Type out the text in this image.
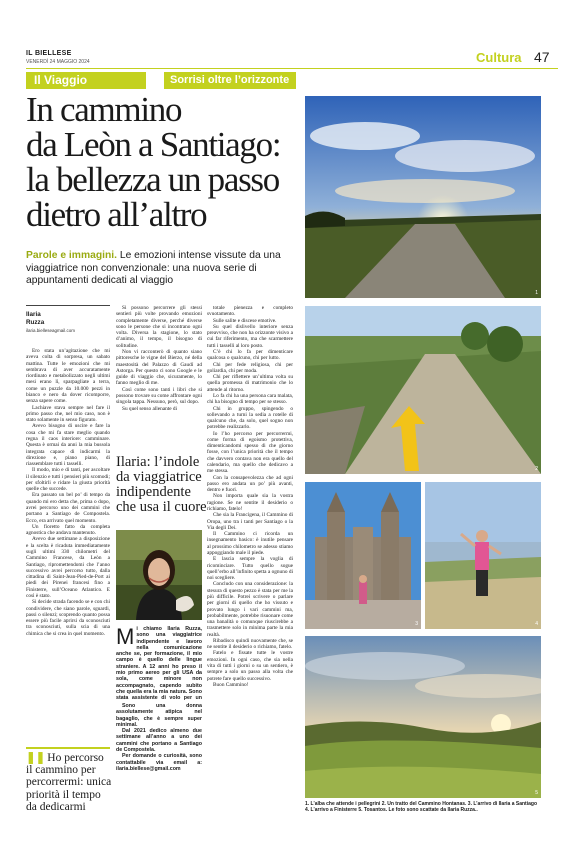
IL BIELLESE
VENERDÌ 24 MAGGIO 2024	Cultura 47
Il Viaggio	Sorrisi oltre l’orizzonte
In cammino
da Leòn a Santiago:
la bellezza un passo
dietro all’altro
Parole e immagini. Le emozioni intense vissute da una viaggiatrice non convenzionale: una nuova serie di appuntamenti dedicati al viaggio
Ilaria
Ruzza
ilaria.bielleseagmail.com

Ero stata un’agitazione che mi aveva colta di sorpresa, un sabato mattina. Tutte le emozioni che mi sembrava di aver accuratamente riordinato e metabolizzato negli ultimi mesi erano lì, sparpagliate a terra, come un puzzle da 10.000 pezzi in bianco e nero da dover ricomporre, senza sapere come.

Lachiave stava sempre nel fare il primo passo che, nel mio caso, non è stato solamente in senso figurato.

Avevo bisogno di uscire e fare la cosa che mi fa stare meglio quando regna il caos interiore: camminare. Questa è ormai da anni la mia bussola integrata capace di indicarmi la direzione e, piano piano, di riassemblare tutti i tasselli.

Il modo, mio e di tanti, per ascoltare il silenzio e tutti i pensieri più scomodi; per sfoltirli e ridare la giusta priorità quelle che succede.

Era passato un bel po’ di tempo da quando mi ero detta che, prima o dopo, avrei percorso uno dei cammini che portano a Santiago de Compostela. Ecco, era arrivato quel momento.

Un fioretto fatto da completa agnostica che andava mantenuto.

Avevo due settimane a disposizione e la scelta è ricaduta immediatamente sugli ultimi 330 chilometri del Cammino Francese, da Leòn a Santiago, ripromettendomi che l’anno successivo avrei percorso tutto, dalla cittadina di Saint-Jean-Pied-de-Port ai piedi dei Pirenei francesi fino a Finisterre, sull’Oceano Atlantico. E così è stato.

Si decide strada facendo se e con chi condividere, che siano parole, sguardi, passi o silenzi; scoprendo quanto possa essere più facile aprirsi da sconosciuti tra sconosciuti, sulla scia di una chimica che si crea in quel momento.

❚❚ Ho percorso il cammino per percorrermi: unica priorità il tempo da dedicarmi

Si possono percorrere gli stessi sentieri più volte provando emozioni completamente diverse, perché diverse sono le persone che si incontrano ogni volta. Diversa la stagione, lo stato d’animo, il tempo, il bisogno di solitudine.

Non vi racconterò di quanto siano pittoresche le vigne del Bierzo, né della maestosità del Palazzo di Gaudí ad Astorga. Per questo ci sono Google e le guide di viaggio che, sicuramente, lo fanno meglio di me.

Così come sono tanti i libri che si possono trovare su come affrontare ogni singola tappa. Nessuno, però, sul dopo.

Su quel senso allenante di

Ilaria: l’indole da viaggiatrice indipendente che usa il cuore
Mi chiamo Ilaria Ruzza, sono una viaggiatrice indipendente e lavoro nella comunicazione anche se, per formazione, il mio campo è quello delle lingue straniere. A 12 anni ho preso il mio primo aereo per gli USA da sola, come minore non accompagnato, capendo subito che quella era la mia natura. Sono stata assistente di volo per un

Sono una donna assolutamente atipica nel bagaglio, che è sempre super minimal.

Dal 2021 dedico almeno due settimane all’anno a uno dei cammini che portano a Santiago de Compostela.

Per domande o curiosità, sono contattabile via email a: ilaria.biellese@gmail.com

totale pienezza e completo svuotamento.

Sulle salite e discese emotive.

Su quel dislivello interiore senza preavviso, che non ha orizzonte visivo a cui far riferimento, ma che scarmettere tutti i tasselli al loro posto.

C’è chi lo fa per dimenticare qualcosa o qualcuno, chi per lutto.

Chi per fede religiosa, chi per goliardia, chi per moda.

Chi per riflettere un’ultima volta su quella promessa di matrimonio che lo attende al ritorno.

Lo fa chi ha una persona cara malata, chi ha bisogno di tempo per se stesso.

Chi in gruppo, spingendo o sollevando a turni la sedia a rotelle di qualcuno che, da solo, quel sogno non potrebbe realizzarlo.

Io l’ho percorso per percorrermi, come forma di egoismo protettiva, dimenticandomi spesso di che giorno fosse, con l’unica priorità che il tempo che davvero contava non era quello del calendario, ma quello che dedicavo a me stessa.

Con la consapevolezza che ad ogni passo ero andata un po’ più avanti, dentro e fuori.

Non importa quale sia la vostra ragione. Se ne sentite il desiderio o richiamo, fatelo!

Che sia la Francigena, il Cammino di Oropa, uno tra i tanti per Santiago o la Via degli Dei.

Il Cammino ci ricorda un insegnamento basico: è inutile pensare al prossimo chilometro se adesso stiamo appoggiando male il piede.

E lascia sempre la voglia di ricominciare. Tutto quello sogue quell’erbo all’infinito spetta a ognuno di noi scegliere.

Concludo con una considerazione: la stesura di questo pezzo è stata per me la più difficile. Potrei scrivere o parlare per giorni di quello che ho vissuto e provato lungo i vari cammini ma, probabilmente, potrebbe risuonare come una banalità o comunque riuscirebbe a trasmettere solo in minima parte la mia realtà.

Ribadisco quindi nuovamente che, se ne sentite il desiderio o richiamo, fatelo.

Fatelo e fissate tutte le vostre emozioni. In ogni caso, che sia nella vita di tutti i giorni o su un sentiero, è sempre a solo un passo alla volta che potrete fare quello successivo.

Buon Cammino!

1
2
3	4
5
1. L’alba che attende i pellegrini 2. Un tratto del Cammino Hontanas. 3. L’arrivo di Ilaria a Santiago 4. L’arrivo a Finisterre 5. Tosantos. Le foto sono scattate da Ilaria Ruzza..
